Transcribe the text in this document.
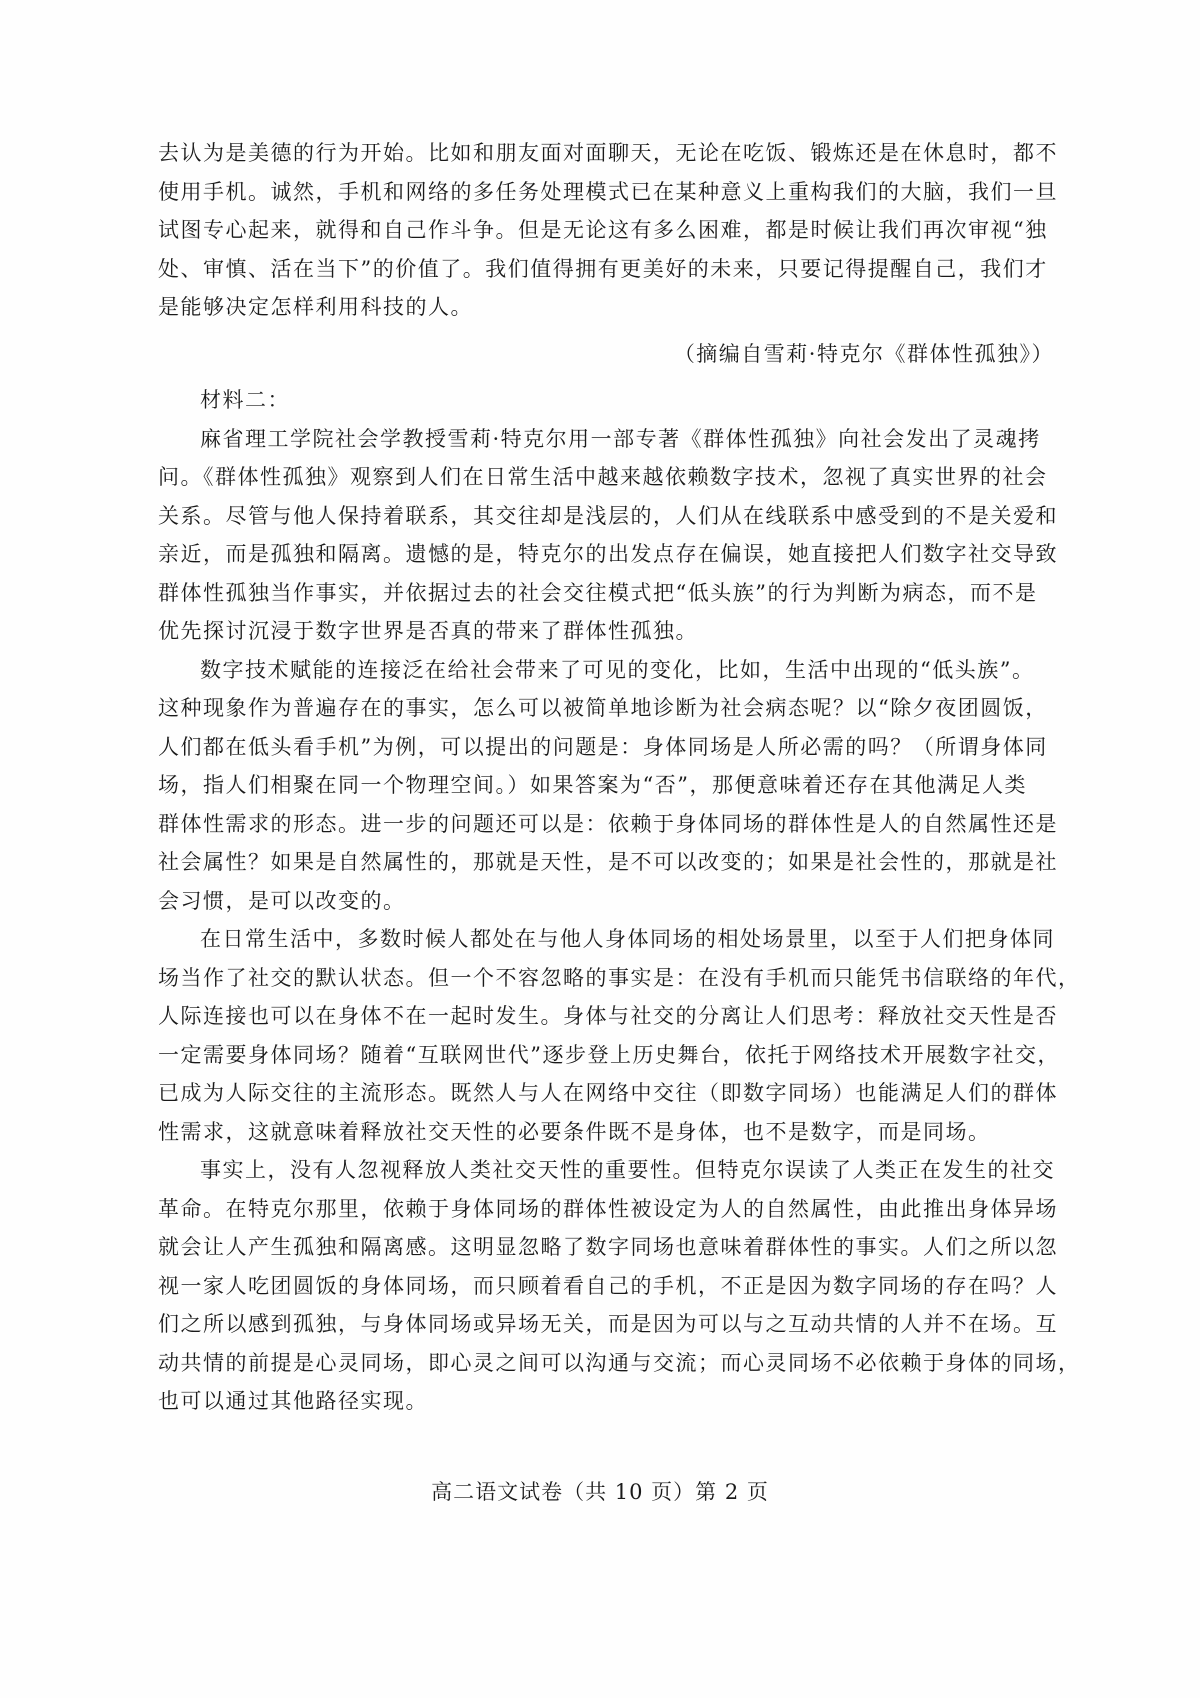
去认为是美德的行为开始。比如和朋友面对面聊天，无论在吃饭、锻炼还是在休息时，都不
使用手机。诚然，手机和网络的多任务处理模式已在某种意义上重构我们的大脑，我们一旦
试图专心起来，就得和自己作斗争。但是无论这有多么困难，都是时候让我们再次审视“独
处、审慎、活在当下”的价值了。我们值得拥有更美好的未来，只要记得提醒自己，我们才
是能够决定怎样利用科技的人。

（摘编自雪莉·特克尔《群体性孤独》）

材料二：

麻省理工学院社会学教授雪莉·特克尔用一部专著《群体性孤独》向社会发出了灵魂拷
问。《群体性孤独》观察到人们在日常生活中越来越依赖数字技术，忽视了真实世界的社会
关系。尽管与他人保持着联系，其交往却是浅层的，人们从在线联系中感受到的不是关爱和
亲近，而是孤独和隔离。遗憾的是，特克尔的出发点存在偏误，她直接把人们数字社交导致
群体性孤独当作事实，并依据过去的社会交往模式把“低头族”的行为判断为病态，而不是
优先探讨沉浸于数字世界是否真的带来了群体性孤独。

数字技术赋能的连接泛在给社会带来了可见的变化，比如，生活中出现的“低头族”。
这种现象作为普遍存在的事实，怎么可以被简单地诊断为社会病态呢？以“除夕夜团圆饭，
人们都在低头看手机”为例，可以提出的问题是：身体同场是人所必需的吗？（所谓身体同
场，指人们相聚在同一个物理空间。）如果答案为“否”，那便意味着还存在其他满足人类
群体性需求的形态。进一步的问题还可以是：依赖于身体同场的群体性是人的自然属性还是
社会属性？如果是自然属性的，那就是天性，是不可以改变的；如果是社会性的，那就是社
会习惯，是可以改变的。

在日常生活中，多数时候人都处在与他人身体同场的相处场景里，以至于人们把身体同
场当作了社交的默认状态。但一个不容忽略的事实是：在没有手机而只能凭书信联络的年代，
人际连接也可以在身体不在一起时发生。身体与社交的分离让人们思考：释放社交天性是否
一定需要身体同场？随着“互联网世代”逐步登上历史舞台，依托于网络技术开展数字社交，
已成为人际交往的主流形态。既然人与人在网络中交往（即数字同场）也能满足人们的群体
性需求，这就意味着释放社交天性的必要条件既不是身体，也不是数字，而是同场。

事实上，没有人忽视释放人类社交天性的重要性。但特克尔误读了人类正在发生的社交
革命。在特克尔那里，依赖于身体同场的群体性被设定为人的自然属性，由此推出身体异场
就会让人产生孤独和隔离感。这明显忽略了数字同场也意味着群体性的事实。人们之所以忽
视一家人吃团圆饭的身体同场，而只顾着看自己的手机，不正是因为数字同场的存在吗？人
们之所以感到孤独，与身体同场或异场无关，而是因为可以与之互动共情的人并不在场。互
动共情的前提是心灵同场，即心灵之间可以沟通与交流；而心灵同场不必依赖于身体的同场，
也可以通过其他路径实现。

高二语文试卷（共 10 页）第 2 页
